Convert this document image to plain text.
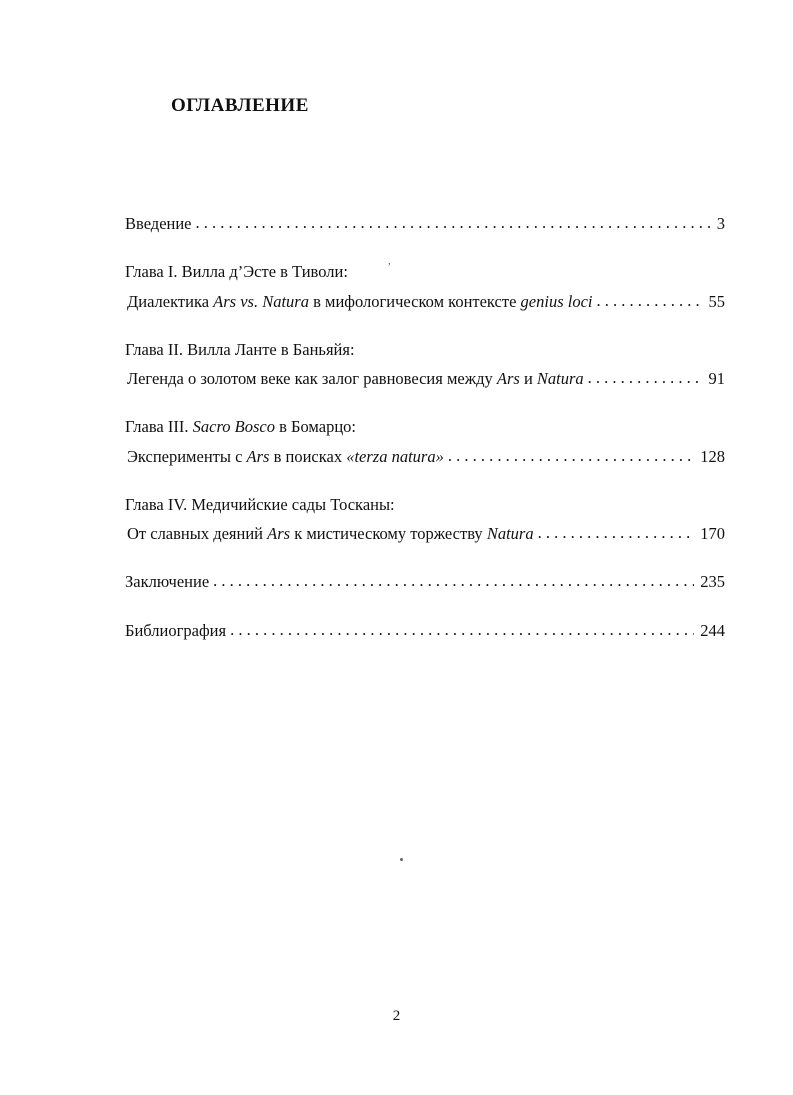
ОГЛАВЛЕНИЕ
Введение . . .	3
Глава I. Вилла д’Эсте в Тиволи:
Диалектика Ars vs. Natura в мифологическом контексте genius loci . . .	55
Глава II. Вилла Ланте в Баньяйя:
Легенда о золотом веке как залог равновесия между Ars и Natura . . .	91
Глава III. Sacro Bosco в Бомарцо:
Эксперименты с Ars в поисках «terza natura» . . .	128
Глава IV. Медичийские сады Тосканы:
От славных деяний Ars к мистическому торжеству Natura . . .	170
Заключение . . .	235
Библиография . . .	244
,
2
